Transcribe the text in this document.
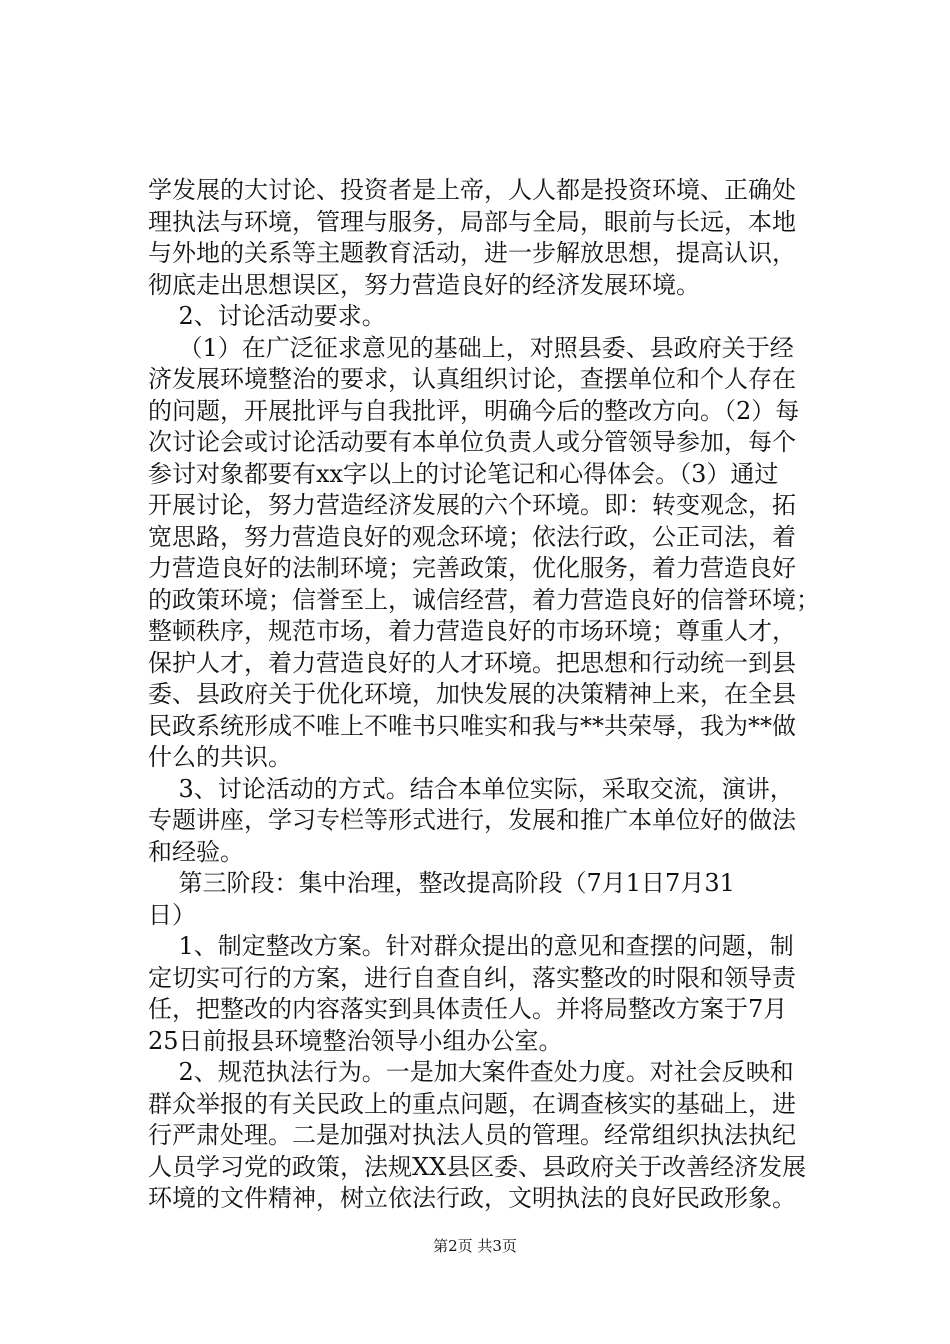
学发展的大讨论、投资者是上帝，人人都是投资环境、正确处
理执法与环境，管理与服务，局部与全局，眼前与长远，本地
与外地的关系等主题教育活动，进一步解放思想，提高认识，
彻底走出思想误区，努力营造良好的经济发展环境。
2、讨论活动要求。
（1）在广泛征求意见的基础上，对照县委、县政府关于经
济发展环境整治的要求，认真组织讨论，查摆单位和个人存在
的问题，开展批评与自我批评，明确今后的整改方向。（2）每
次讨论会或讨论活动要有本单位负责人或分管领导参加，每个
参讨对象都要有xx字以上的讨论笔记和心得体会。（3）通过
开展讨论，努力营造经济发展的六个环境。即：转变观念，拓
宽思路，努力营造良好的观念环境；依法行政，公正司法，着
力营造良好的法制环境；完善政策，优化服务，着力营造良好
的政策环境；信誉至上，诚信经营，着力营造良好的信誉环境；
整顿秩序，规范市场，着力营造良好的市场环境；尊重人才，
保护人才，着力营造良好的人才环境。把思想和行动统一到县
委、县政府关于优化环境，加快发展的决策精神上来，在全县
民政系统形成不唯上不唯书只唯实和我与**共荣辱，我为**做
什么的共识。
3、讨论活动的方式。结合本单位实际，采取交流，演讲，
专题讲座，学习专栏等形式进行，发展和推广本单位好的做法
和经验。
第三阶段：集中治理，整改提高阶段（7月1日7月31
日）
1、制定整改方案。针对群众提出的意见和查摆的问题，制
定切实可行的方案，进行自查自纠，落实整改的时限和领导责
任，把整改的内容落实到具体责任人。并将局整改方案于7月
25日前报县环境整治领导小组办公室。
2、规范执法行为。一是加大案件查处力度。对社会反映和
群众举报的有关民政上的重点问题，在调查核实的基础上，进
行严肃处理。二是加强对执法人员的管理。经常组织执法执纪
人员学习党的政策，法规XX县区委、县政府关于改善经济发展
环境的文件精神，树立依法行政，文明执法的良好民政形象。
第2页 共3页
